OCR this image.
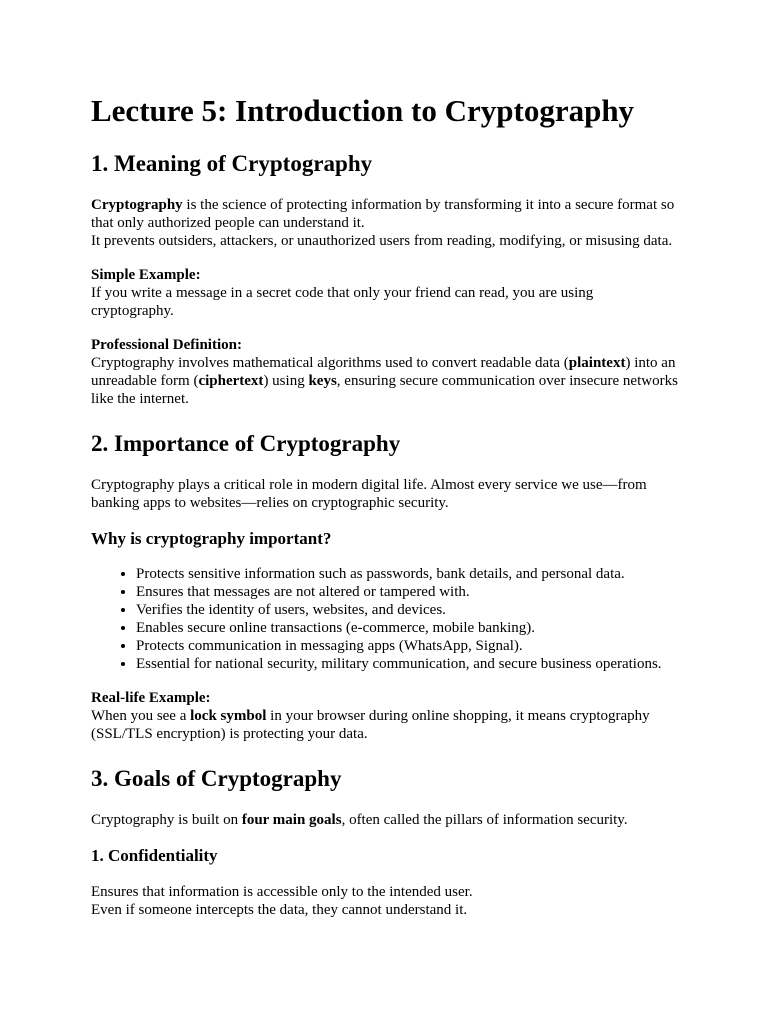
Lecture 5: Introduction to Cryptography
1. Meaning of Cryptography

Cryptography is the science of protecting information by transforming it into a secure format so that only authorized people can understand it.
It prevents outsiders, attackers, or unauthorized users from reading, modifying, or misusing data.

Simple Example:

If you write a message in a secret code that only your friend can read, you are using cryptography.

Professional Definition:

Cryptography involves mathematical algorithms used to convert readable data (plaintext) into an unreadable form (ciphertext) using keys, ensuring secure communication over insecure networks like the internet.

2. Importance of Cryptography

Cryptography plays a critical role in modern digital life. Almost every service we use—from banking apps to websites—relies on cryptographic security.

Why is cryptography important?
• Protects sensitive information such as passwords, bank details, and personal data.
• Ensures that messages are not altered or tampered with.
• Verifies the identity of users, websites, and devices.
• Enables secure online transactions (e-commerce, mobile banking).
• Protects communication in messaging apps (WhatsApp, Signal).
• Essential for national security, military communication, and secure business operations.

Real-life Example:

When you see a lock symbol in your browser during online shopping, it means cryptography (SSL/TLS encryption) is protecting your data.

3. Goals of Cryptography

Cryptography is built on four main goals, often called the pillars of information security.

1. Confidentiality

Ensures that information is accessible only to the intended user.
Even if someone intercepts the data, they cannot understand it.
